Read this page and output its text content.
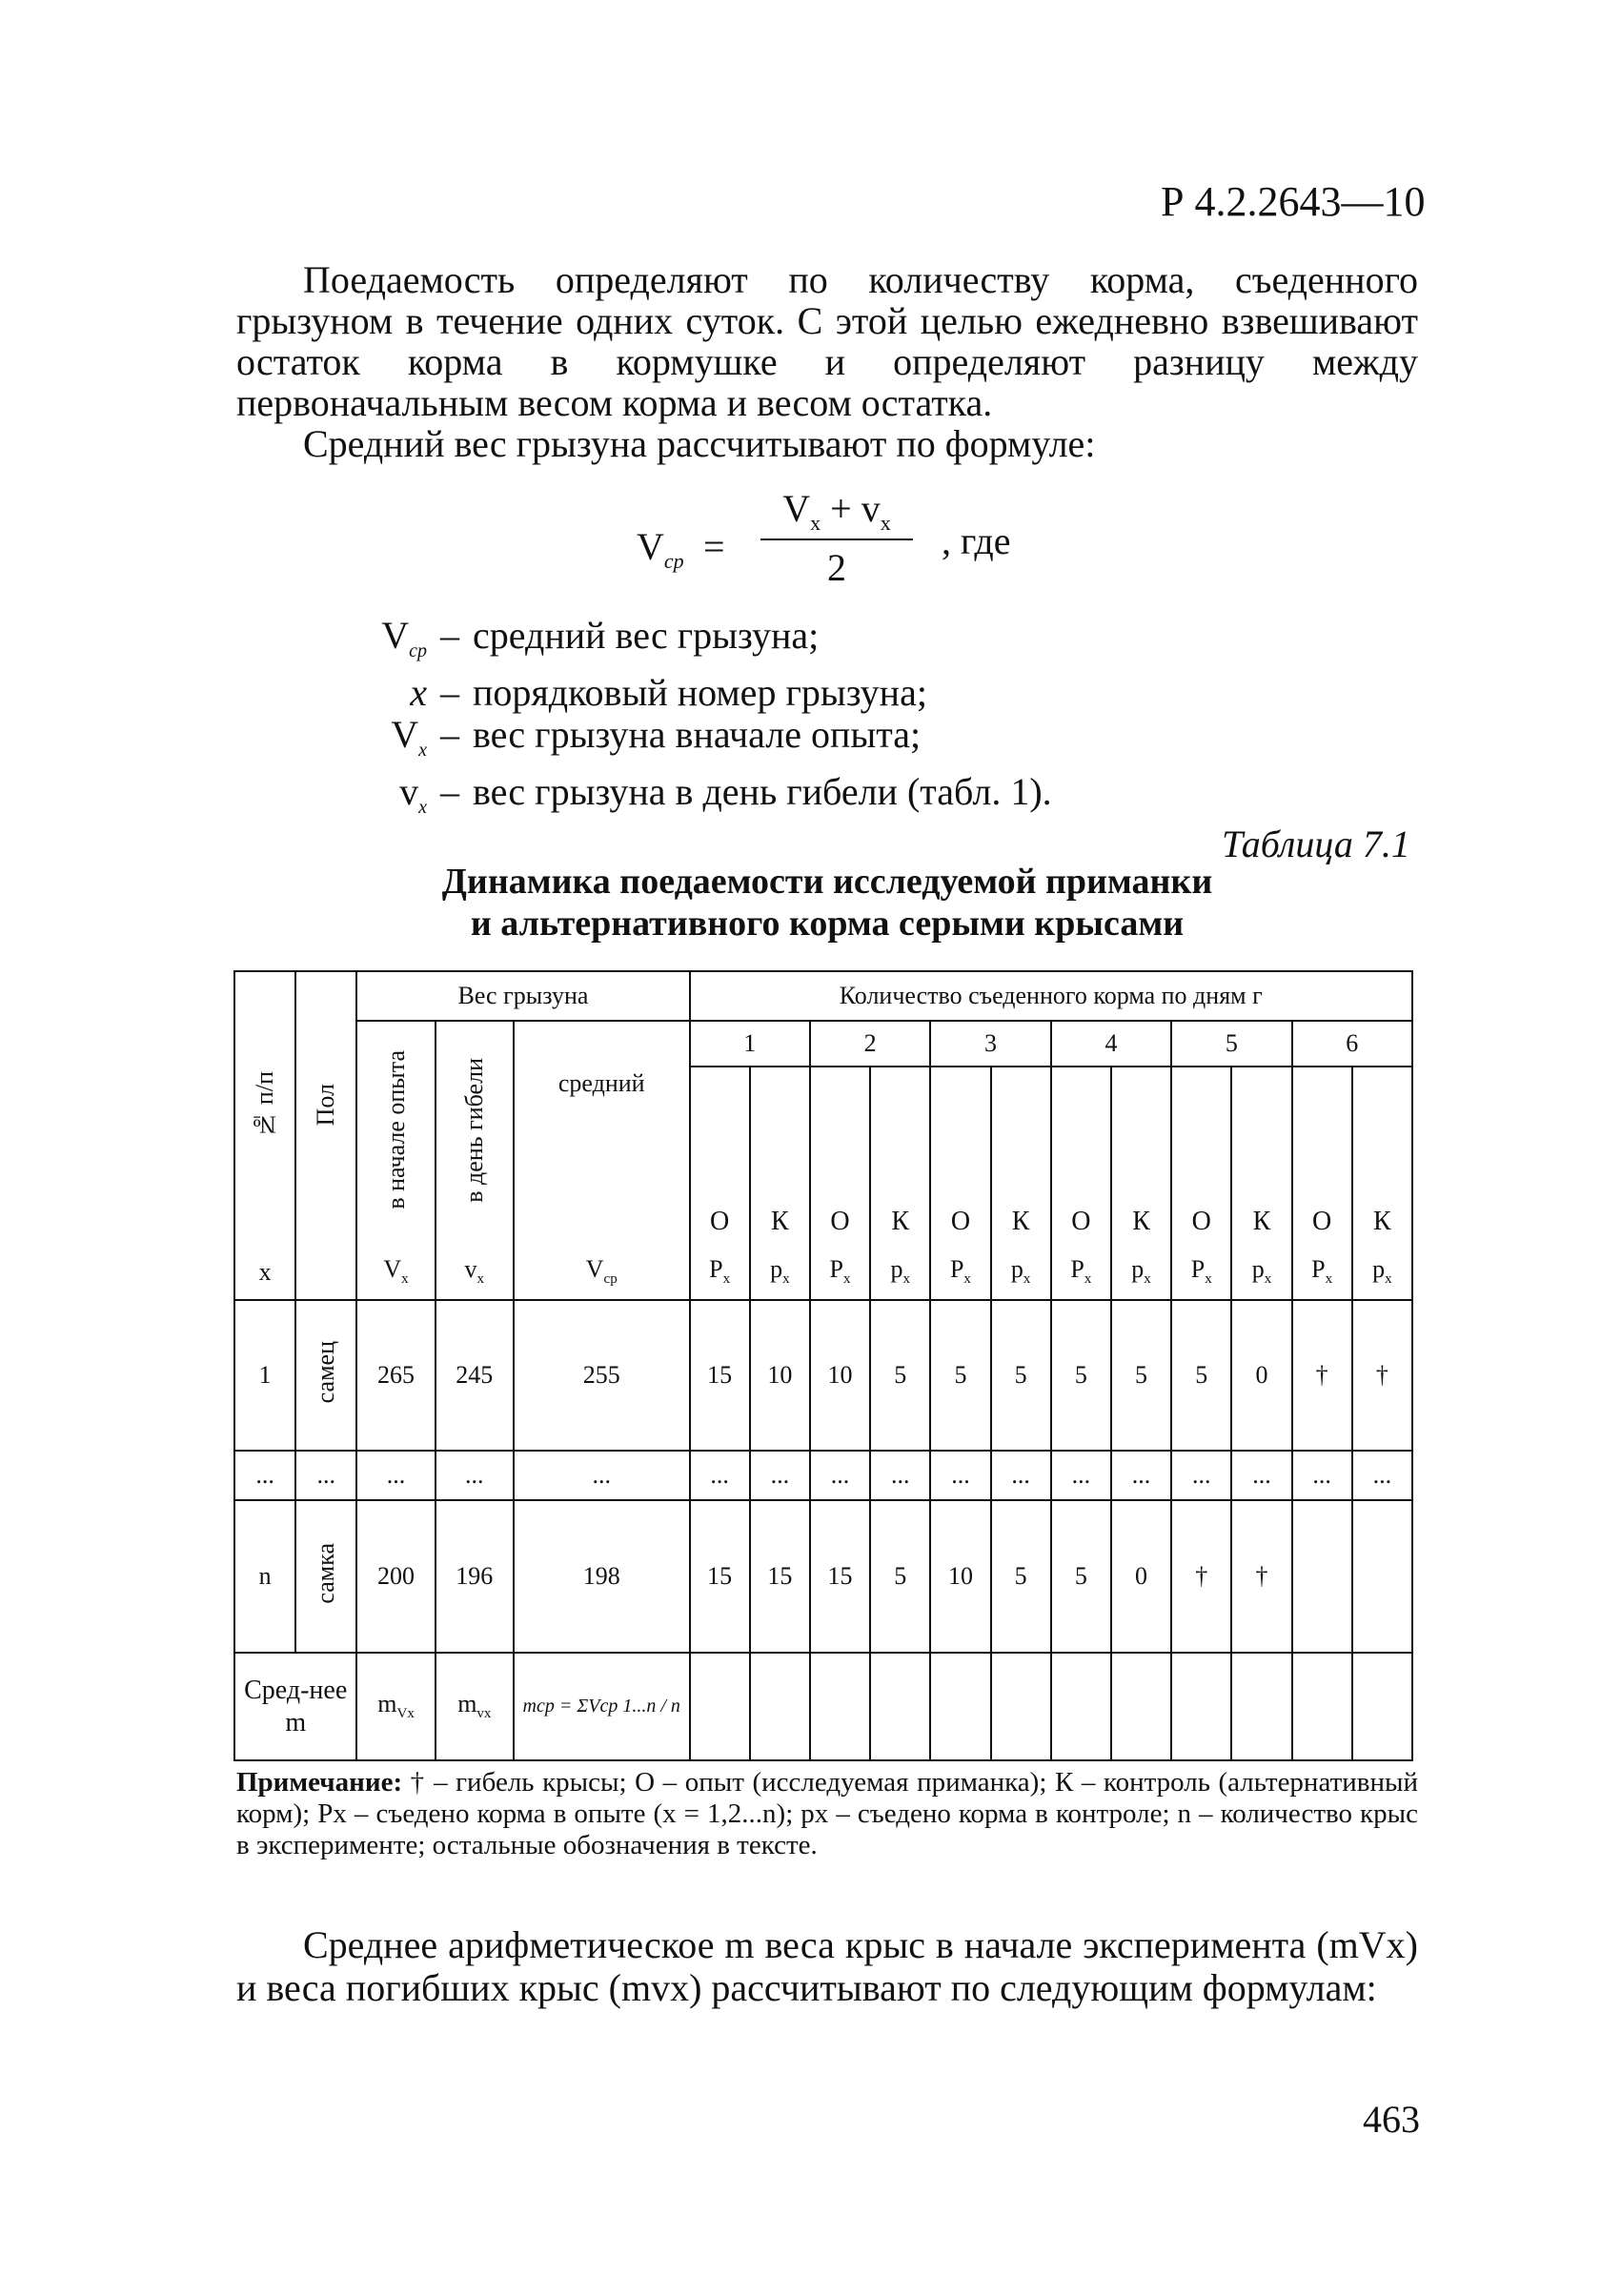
Р 4.2.2643—10
Поедаемость определяют по количеству корма, съеденного грызуном в течение одних суток. С этой целью ежедневно взвешивают остаток корма в кормушке и определяют разницу между первоначальным весом корма и весом остатка.
Средний вес грызуна рассчитывают по формуле:
$V_{ср}$ =
$V_x + v_x$
2
, где
$V_{ср}$ – средний вес грызуна;
x – порядковый номер грызуна;
$V_x$ – вес грызуна вначале опыта;
$v_x$ – вес грызуна в день гибели (табл. 1).
Таблица 7.1
Динамика поедаемости исследуемой приманки
и альтернативного корма серыми крысами
№ п/п	Пол	Вес грызуна			Количество съеденного корма по дням г											
		в начале опыта	в день гибели	средний	1		2		3		4		5		6	
					О	К	О	К	О	К	О	К	О	К	О	К
x		$V_x$	$v_x$	$V_{ср}$	$P_x$	$p_x$	$P_x$	$p_x$	$P_x$	$p_x$	$P_x$	$p_x$	$P_x$	$p_x$	$P_x$	$p_x$
1	самец	265	245	255	15	10	10	5	5	5	5	5	5	0	†	†
...	...	...	...	...	...	...	...	...	...	...	...	...	...	...	...	...
n	самка	200	196	198	15	15	15	5	10	5	5	0	†	†		
Сред-нее m		$m_{Vx}$	$m_{vx}$	mср = ΣVср 1...n / n												
Примечание: † – гибель крысы; О – опыт (исследуемая приманка); К – контроль (альтернативный корм); Px – съедено корма в опыте (x = 1,2...n); px – съедено корма в контроле; n – количество крыс в эксперименте; остальные обозначения в тексте.
Среднее арифметическое m веса крыс в начале эксперимента (mVx) и веса погибших крыс (mvx) рассчитывают по следующим формулам:
463
